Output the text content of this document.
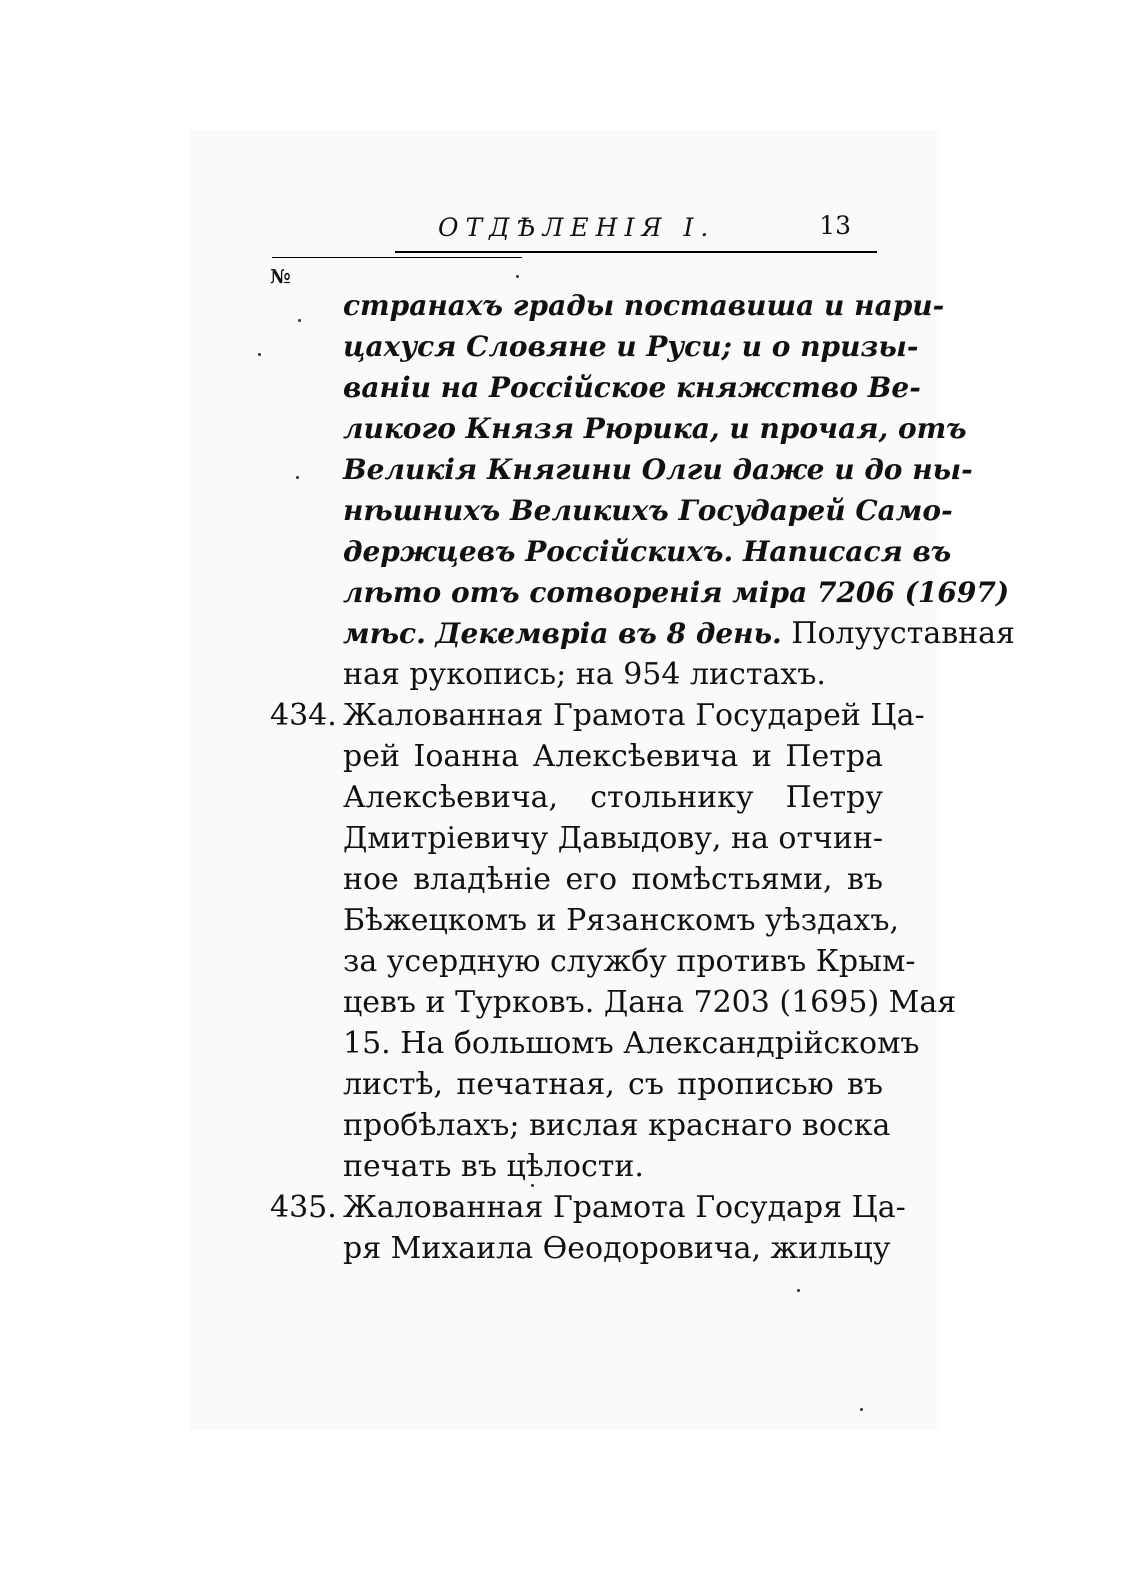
ОТДѢЛЕНІЯ I.	13
№
странахъ грады поставиша и нари-
цахуся Словяне и Руси; и о призы-
ваніи на Россійское княжство Ве-
ликого Князя Рюрика, и прочая, отъ
Великія Княгини Олги даже и до ны-
нѣшнихъ Великихъ Государей Само-
держцевъ Россійскихъ. Написася въ
лѣто отъ сотворенія міра 7206 (1697)
мѣс. Декемвріа въ 8 день. Полууставная
ная рукопись; на 954 листахъ.
434. Жалованная Грамота Государей Ца-
рей Іоанна Алексѣевича и Петра
Алексѣевича, стольнику Петру
Дмитріевичу Давыдову, на отчин-
ное владѣніе его помѣстьями, въ
Бѣжецкомъ и Рязанскомъ уѣздахъ,
за усердную службу противъ Крым-
цевъ и Турковъ. Дана 7203 (1695) Мая
15. На большомъ Александрійскомъ
листѣ, печатная, съ прописью въ
пробѣлахъ; вислая краснаго воска
печать въ цѣлости.
435. Жалованная Грамота Государя Ца-
ря Михаила Ѳеодоровича, жильцу
